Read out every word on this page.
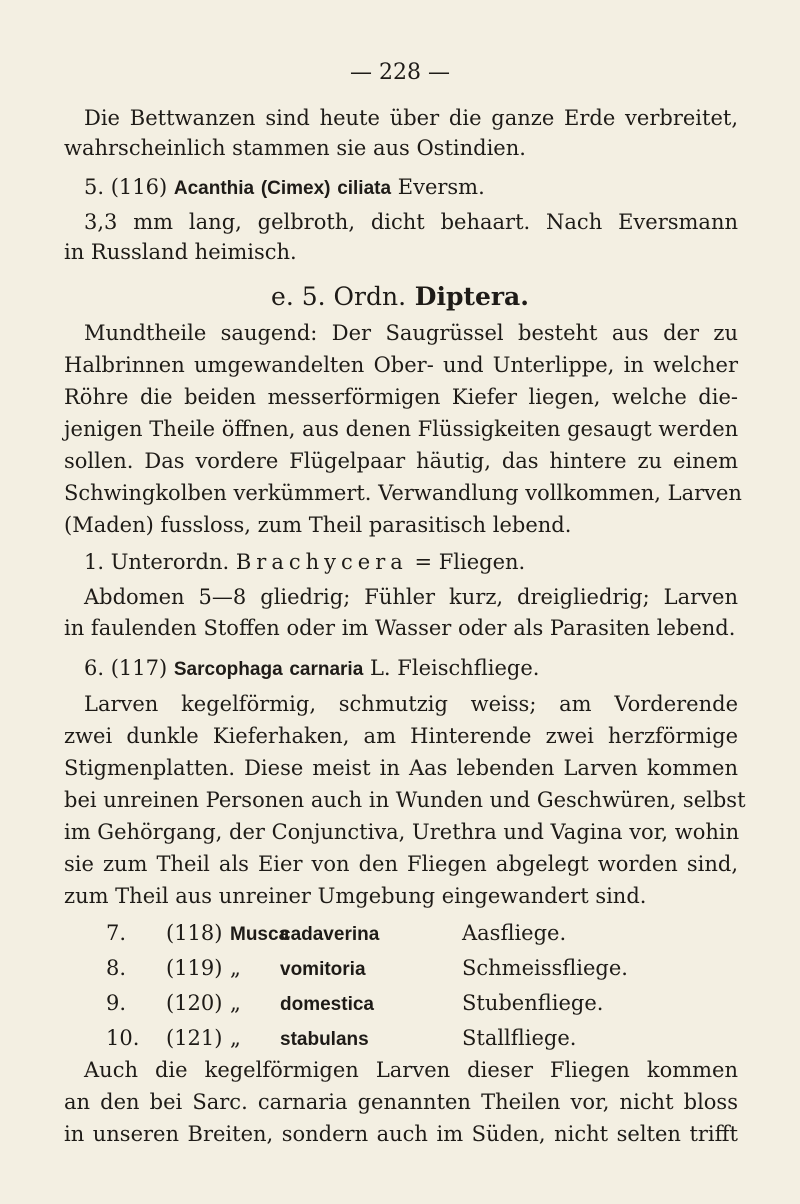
— 228 —
Die Bettwanzen sind heute über die ganze Erde verbreitet,
wahrscheinlich stammen sie aus Ostindien.
5. (116) Acanthia (Cimex) ciliata Eversm.
3,3 mm lang, gelbroth, dicht behaart. Nach Eversmann
in Russland heimisch.
e. 5. Ordn. Diptera.
Mundtheile saugend: Der Saugrüssel besteht aus der zu
Halbrinnen umgewandelten Ober- und Unterlippe, in welcher
Röhre die beiden messerförmigen Kiefer liegen, welche die-
jenigen Theile öffnen, aus denen Flüssigkeiten gesaugt werden
sollen. Das vordere Flügelpaar häutig, das hintere zu einem
Schwingkolben verkümmert. Verwandlung vollkommen, Larven
(Maden) fussloss, zum Theil parasitisch lebend.
1. Unterordn. Brachycera = Fliegen.
Abdomen 5—8 gliedrig; Fühler kurz, dreigliedrig; Larven
in faulenden Stoffen oder im Wasser oder als Parasiten lebend.
6. (117) Sarcophaga carnaria L. Fleischfliege.
Larven kegelförmig, schmutzig weiss; am Vorderende
zwei dunkle Kieferhaken, am Hinterende zwei herzförmige
Stigmenplatten. Diese meist in Aas lebenden Larven kommen
bei unreinen Personen auch in Wunden und Geschwüren, selbst
im Gehörgang, der Conjunctiva, Urethra und Vagina vor, wohin
sie zum Theil als Eier von den Fliegen abgelegt worden sind,
zum Theil aus unreiner Umgebung eingewandert sind.
7. (118) Muscacadaverina	Aasfliege.
8. (119) „ vomitoria	Schmeissfliege.
9. (120) „ domestica	Stubenfliege.
10. (121) „ stabulans	Stallfliege.
Auch die kegelförmigen Larven dieser Fliegen kommen
an den bei Sarc. carnaria genannten Theilen vor, nicht bloss
in unseren Breiten, sondern auch im Süden, nicht selten trifft
